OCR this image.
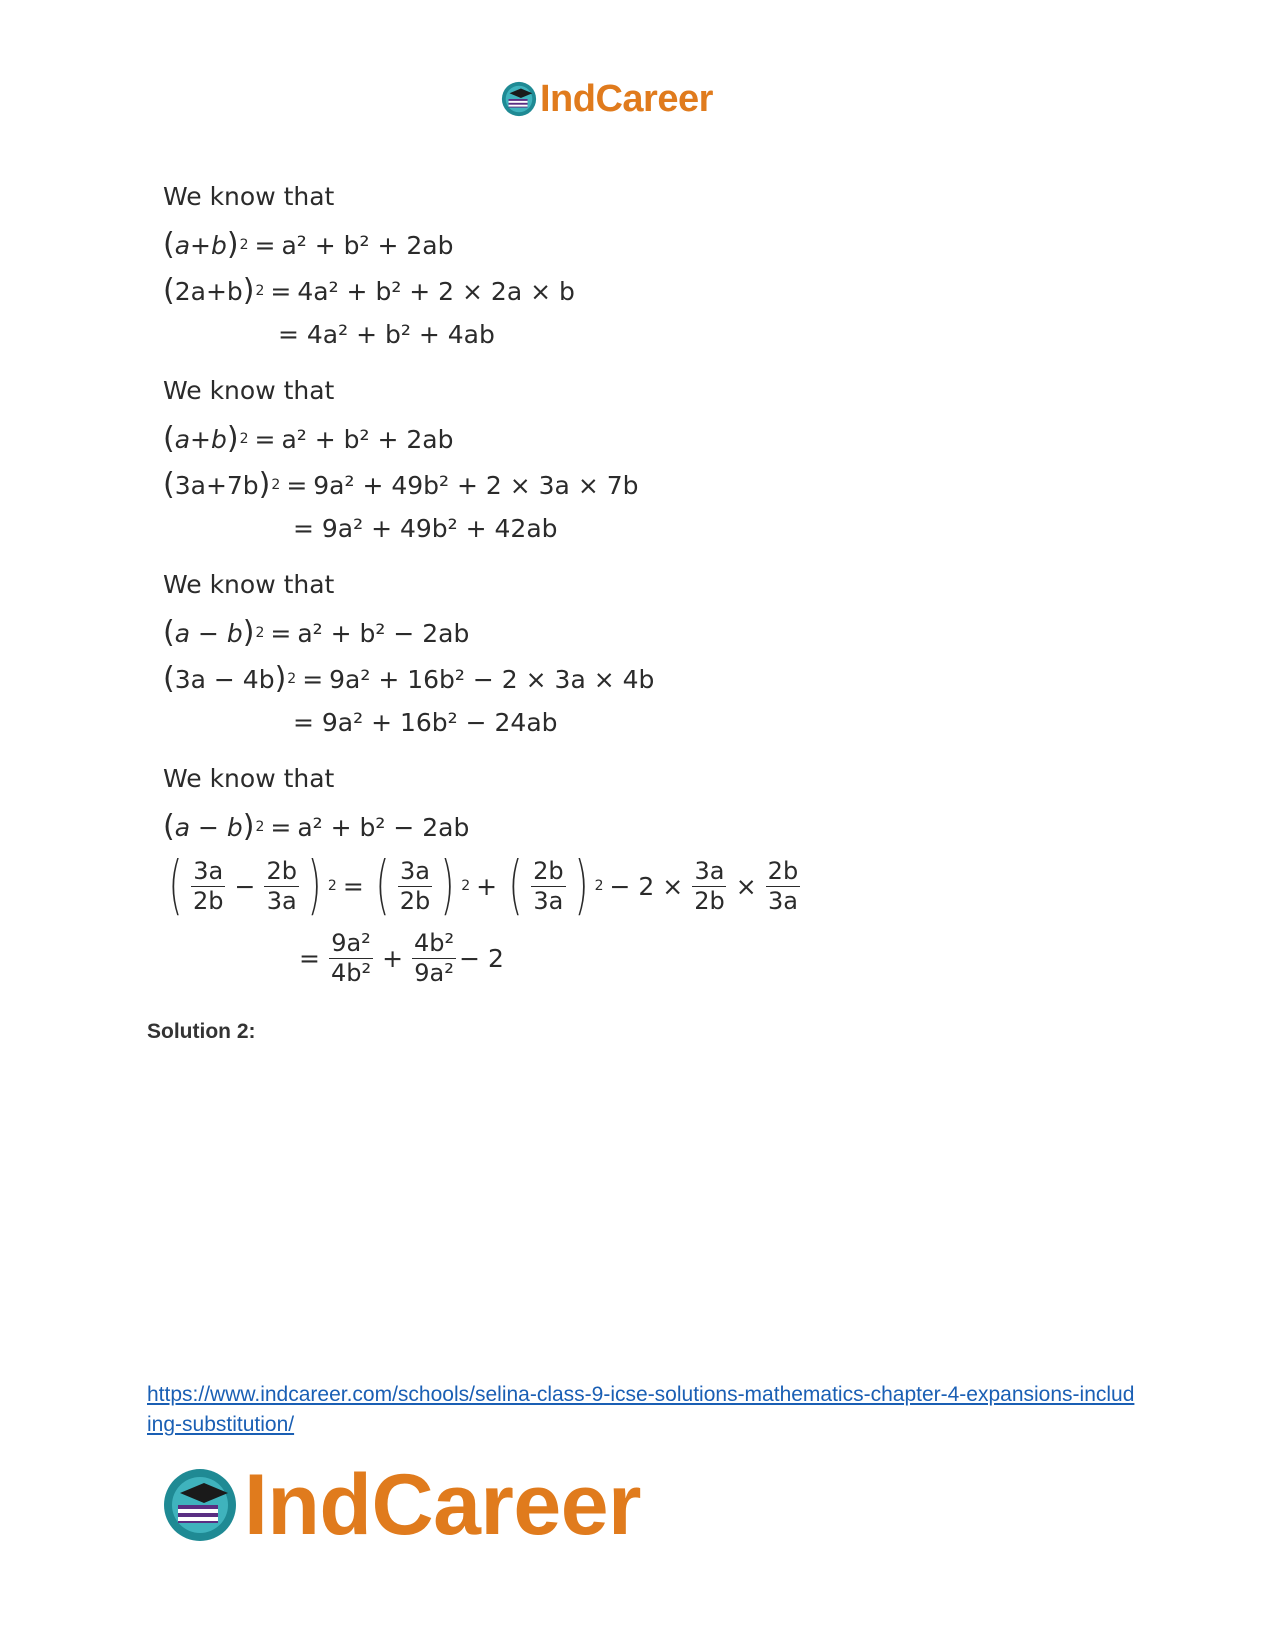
IndCareer
We know that
( a+b ) 2 = a² + b² + 2ab
( 2a+b ) 2 = 4a² + b² + 2 × 2a × b
= 4a² + b² + 4ab
We know that
( a+b ) 2 = a² + b² + 2ab
( 3a+7b ) 2 = 9a² + 49b² + 2 × 3a × 7b
= 9a² + 49b² + 42ab
We know that
( a − b ) 2 = a² + b² − 2ab
( 3a − 4b ) 2 = 9a² + 16b² − 2 × 3a × 4b
= 9a² + 16b² − 24ab
We know that
( a − b ) 2 = a² + b² − 2ab
( $\frac{3a}{2b} - \frac{2b}{3a}$ ) 2 = ( $\frac{3a}{2b}$ ) 2 + ( $\frac{2b}{3a}$ ) $2 - 2 \times \frac{3a}{2b} \times \frac{2b}{3a}$
= $\frac{\text{9a²}}{\text{4b²}} + \frac{\text{4b²}}{\text{9a²}} - 2$
Solution 2:
https://www.indcareer.com/schools/selina-class-9-icse-solutions-mathematics-chapter-4-expansions-including-substitution/
IndCareer
